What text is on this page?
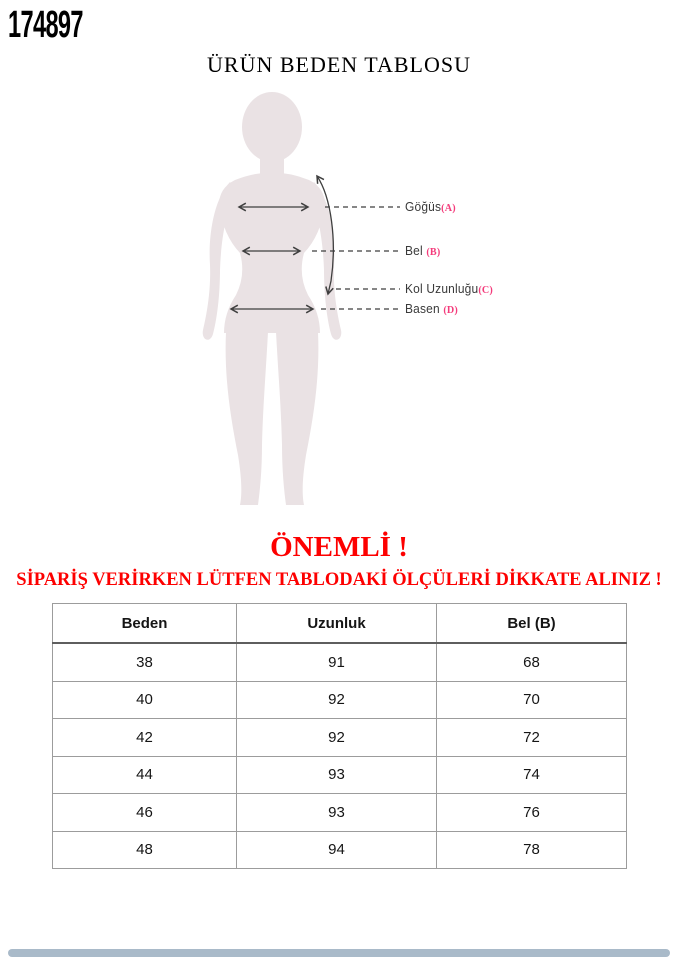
174897
ÜRÜN BEDEN TABLOSU
Göğüs(A)
Bel (B)
Kol Uzunluğu(C)
Basen (D)
ÖNEMLİ !
SİPARİŞ VERİRKEN LÜTFEN TABLODAKİ ÖLÇÜLERİ DİKKATE ALINIZ !
Beden	Uzunluk	Bel (B)
38	91	68
40	92	70
42	92	72
44	93	74
46	93	76
48	94	78
